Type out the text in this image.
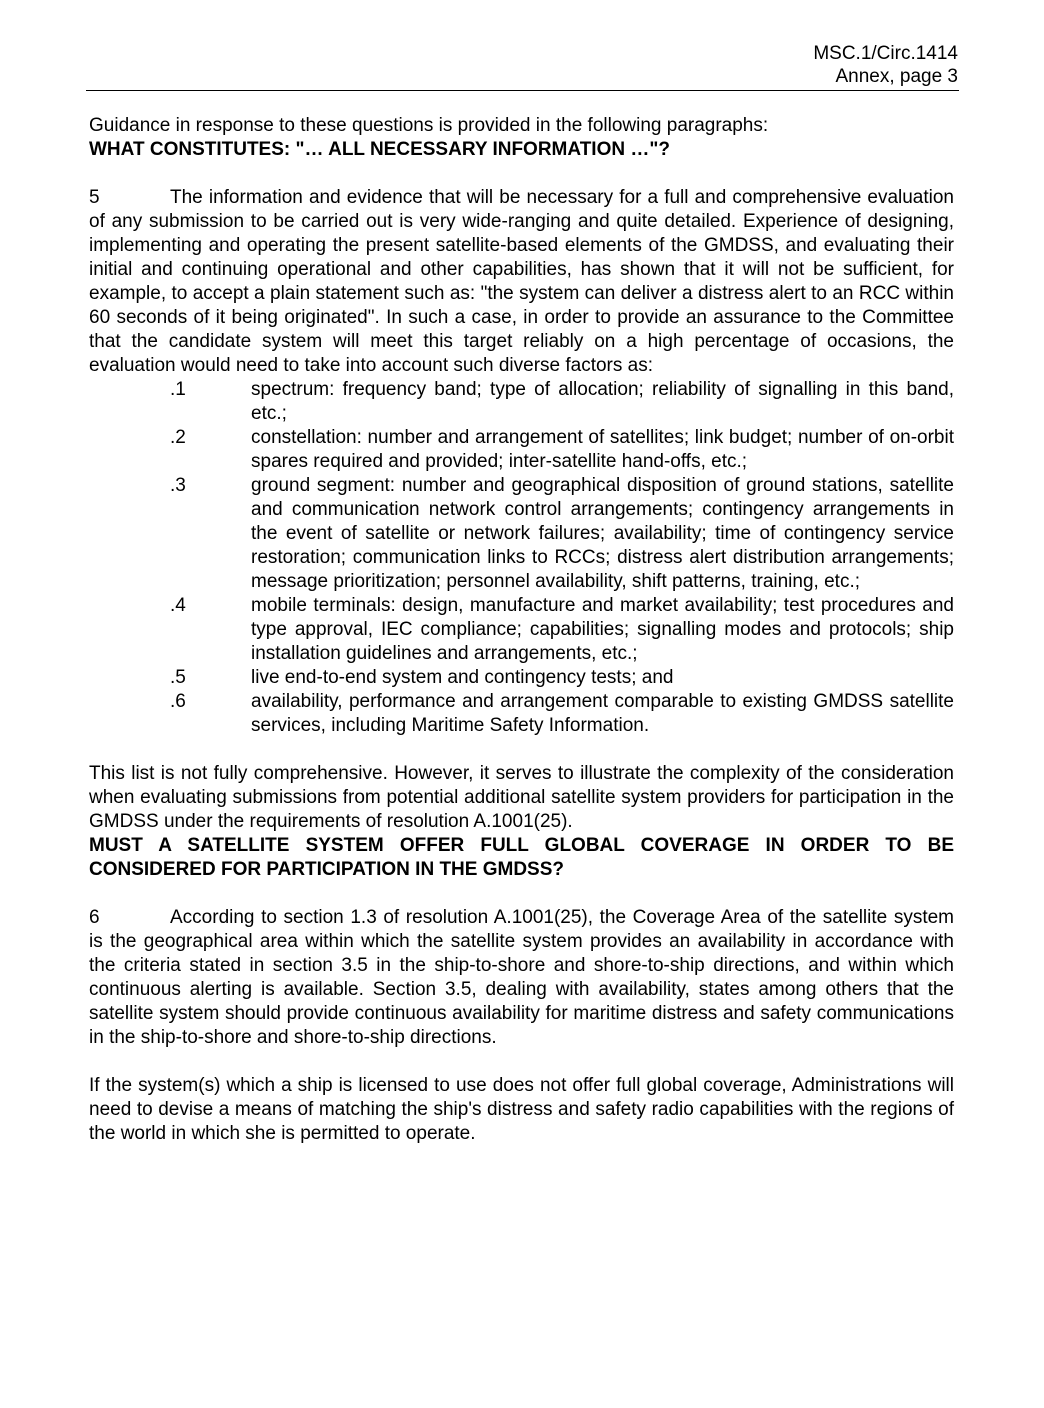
MSC.1/Circ.1414
Annex, page 3

Guidance in response to these questions is provided in the following paragraphs:

WHAT CONSTITUTES: "… ALL NECESSARY INFORMATION …"?

5	The information and evidence that will be necessary for a full and comprehensive evaluation of any submission to be carried out is very wide-ranging and quite detailed. Experience of designing, implementing and operating the present satellite-based elements of the GMDSS, and evaluating their initial and continuing operational and other capabilities, has shown that it will not be sufficient, for example, to accept a plain statement such as: "the system can deliver a distress alert to an RCC within 60 seconds of it being originated". In such a case, in order to provide an assurance to the Committee that the candidate system will meet this target reliably on a high percentage of occasions, the evaluation would need to take into account such diverse factors as:

.1	spectrum: frequency band; type of allocation; reliability of signalling in this band, etc.;
.2	constellation: number and arrangement of satellites; link budget; number of on-orbit spares required and provided; inter-satellite hand-offs, etc.;
.3	ground segment: number and geographical disposition of ground stations, satellite and communication network control arrangements; contingency arrangements in the event of satellite or network failures; availability; time of contingency service restoration; communication links to RCCs; distress alert distribution arrangements; message prioritization; personnel availability, shift patterns, training, etc.;
.4	mobile terminals: design, manufacture and market availability; test procedures and type approval, IEC compliance; capabilities; signalling modes and protocols; ship installation guidelines and arrangements, etc.;
.5	live end-to-end system and contingency tests; and
.6	availability, performance and arrangement comparable to existing GMDSS satellite services, including Maritime Safety Information.

This list is not fully comprehensive. However, it serves to illustrate the complexity of the consideration when evaluating submissions from potential additional satellite system providers for participation in the GMDSS under the requirements of resolution A.1001(25).

MUST A SATELLITE SYSTEM OFFER FULL GLOBAL COVERAGE IN ORDER TO BE CONSIDERED FOR PARTICIPATION IN THE GMDSS?

6	According to section 1.3 of resolution A.1001(25), the Coverage Area of the satellite system is the geographical area within which the satellite system provides an availability in accordance with the criteria stated in section 3.5 in the ship-to-shore and shore-to-ship directions, and within which continuous alerting is available. Section 3.5, dealing with availability, states among others that the satellite system should provide continuous availability for maritime distress and safety communications in the ship-to-shore and shore-to-ship directions.

If the system(s) which a ship is licensed to use does not offer full global coverage, Administrations will need to devise a means of matching the ship's distress and safety radio capabilities with the regions of the world in which she is permitted to operate.
